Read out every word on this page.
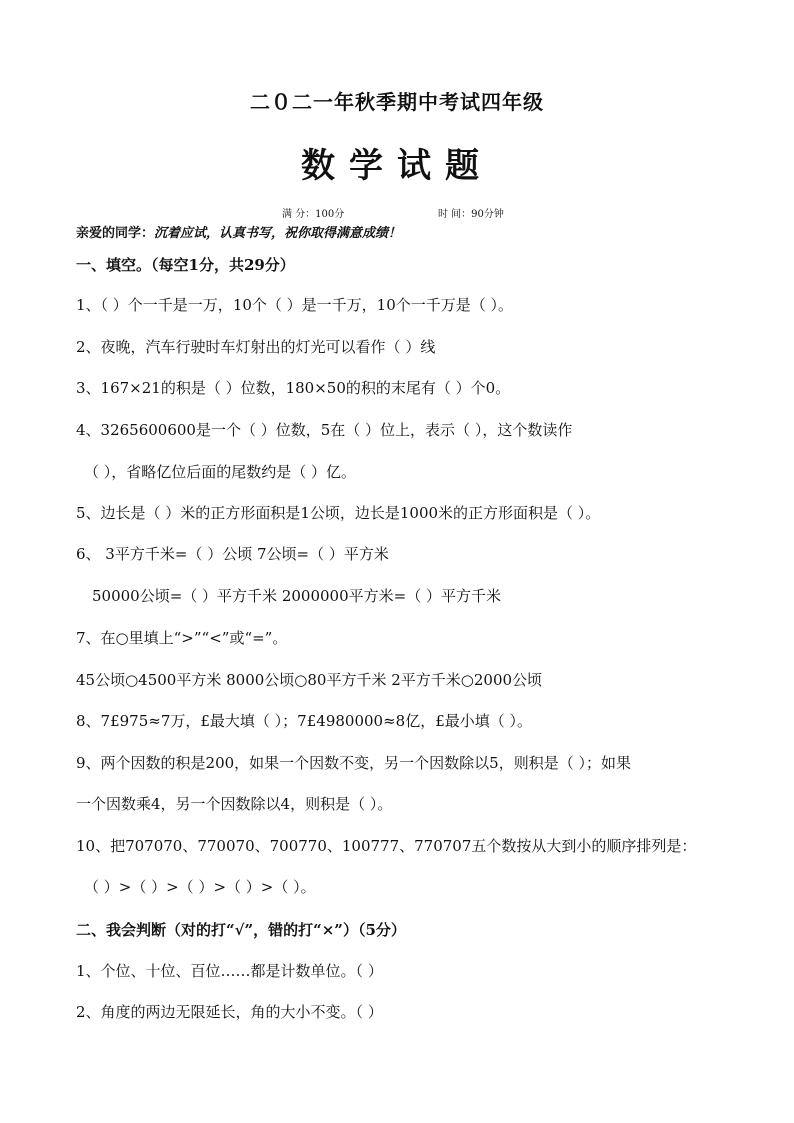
二０二一年秋季期中考试四年级
数学试题
满 分：100分	时 间：90分钟
亲爱的同学：沉着应试，认真书写，祝你取得满意成绩！
一、填空。（每空1分，共29分）
1、（ ）个一千是一万，10个（ ）是一千万，10个一千万是（ ）。
2、夜晚，汽车行驶时车灯射出的灯光可以看作（ ）线
3、167×21的积是（ ）位数，180×50的积的末尾有（ ）个0。
4、3265600600是一个（ ）位数，5在（ ）位上，表示（ ），这个数读作
（ ），省略亿位后面的尾数约是（ ）亿。
5、边长是（ ）米的正方形面积是1公顷，边长是1000米的正方形面积是（ ）。
6、 3平方千米=（ ）公顷 7公顷=（ ）平方米
50000公顷=（ ）平方千米 2000000平方米=（ ）平方千米
7、在○里填上“>”“<”或“=”。
45公顷○4500平方米 8000公顷○80平方千米 2平方千米○2000公顷
8、7£975≈7万，£最大填（ ）；7£4980000≈8亿，£最小填（ ）。
9、两个因数的积是200，如果一个因数不变，另一个因数除以5，则积是（ ）；如果
一个因数乘4，另一个因数除以4，则积是（ ）。
10、把707070、770070、700770、100777、770707五个数按从大到小的顺序排列是：
（ ）>（ ）>（ ）>（ ）>（ ）。
二、我会判断（对的打“√”，错的打“×”）（5分）
1、个位、十位、百位……都是计数单位。（ ）
2、角度的两边无限延长，角的大小不变。（ ）
